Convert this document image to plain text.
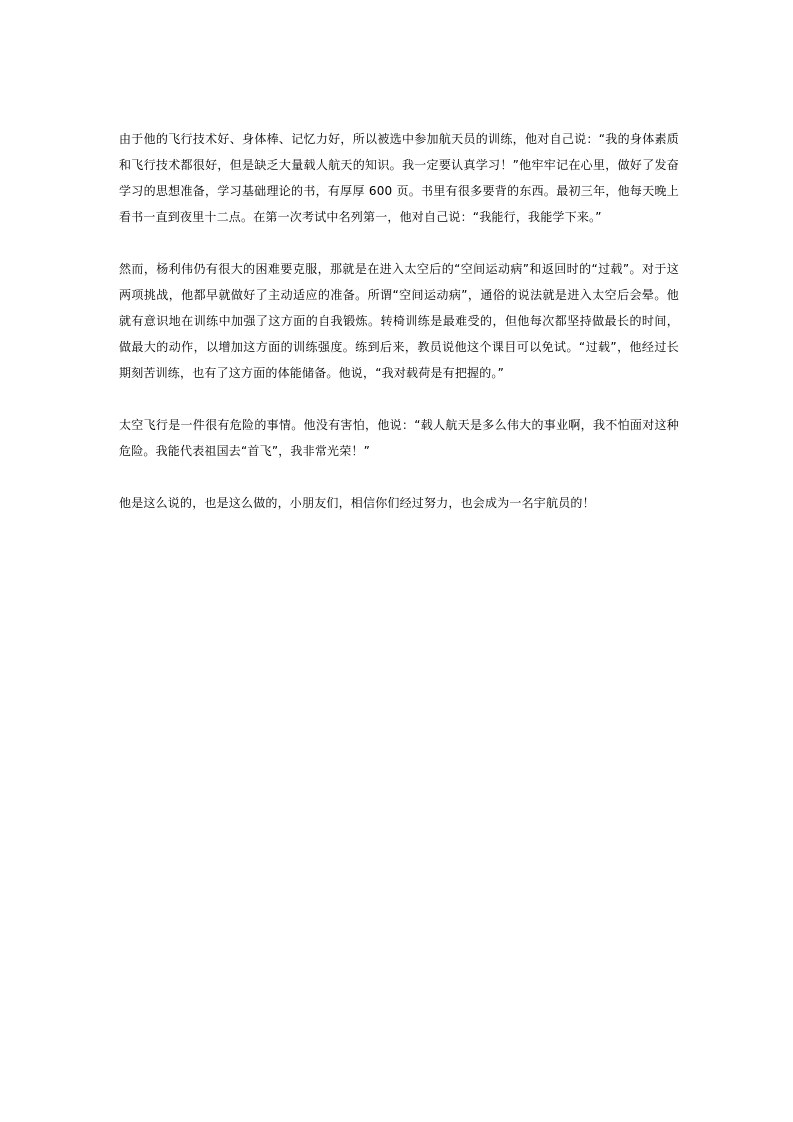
由于他的飞行技术好、身体棒、记忆力好，所以被选中参加航天员的训练，他对自己说：“我的身体素质和飞行技术都很好，但是缺乏大量载人航天的知识。我一定要认真学习！”他牢牢记在心里，做好了发奋学习的思想准备，学习基础理论的书，有厚厚 600 页。书里有很多要背的东西。最初三年，他每天晚上看书一直到夜里十二点。在第一次考试中名列第一，他对自己说：“我能行，我能学下来。”

然而，杨利伟仍有很大的困难要克服，那就是在进入太空后的“空间运动病”和返回时的“过载”。对于这两项挑战，他都早就做好了主动适应的准备。所谓“空间运动病”，通俗的说法就是进入太空后会晕。他就有意识地在训练中加强了这方面的自我锻炼。转椅训练是最难受的，但他每次都坚持做最长的时间，做最大的动作，以增加这方面的训练强度。练到后来，教员说他这个课目可以免试。“过载”，他经过长期刻苦训练，也有了这方面的体能储备。他说，“我对载荷是有把握的。”

太空飞行是一件很有危险的事情。他没有害怕，他说：“载人航天是多么伟大的事业啊，我不怕面对这种危险。我能代表祖国去“首飞”，我非常光荣！”

他是这么说的，也是这么做的，小朋友们，相信你们经过努力，也会成为一名宇航员的！
